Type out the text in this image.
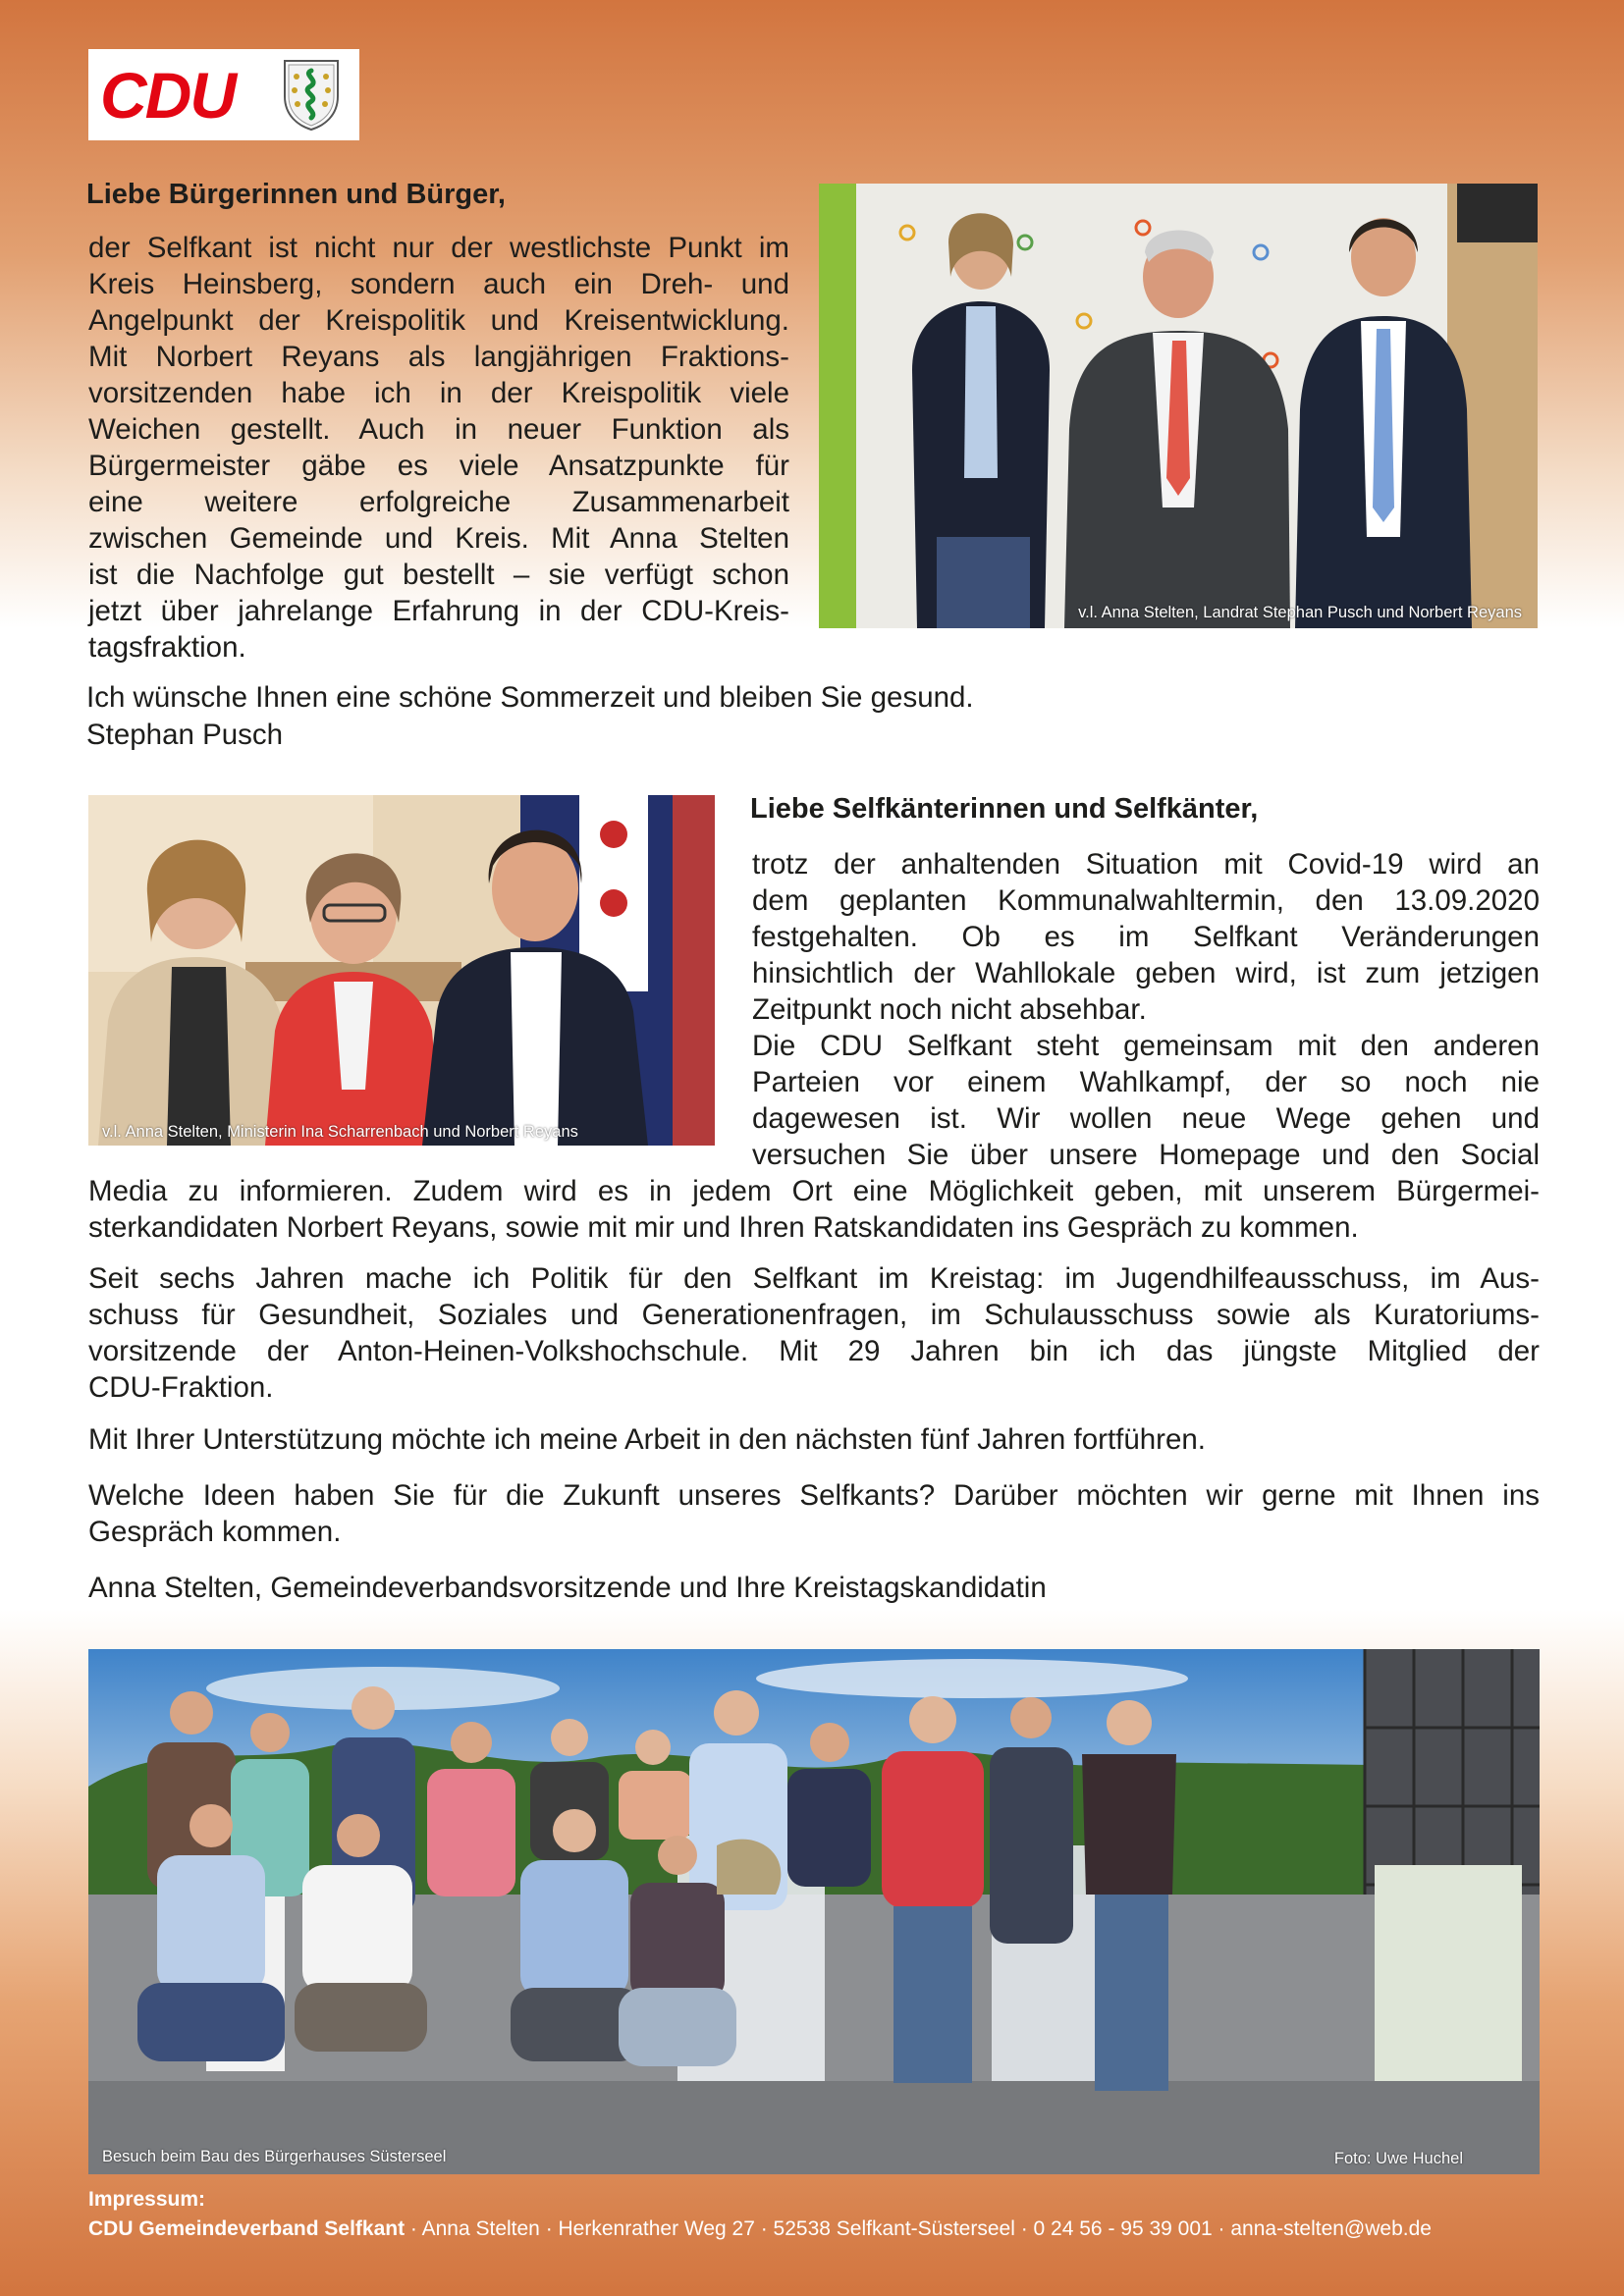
CDU
Liebe Bürgerinnen und Bürger,

der Selfkant ist nicht nur der westlichste Punkt im

Kreis Heinsberg, sondern auch ein Dreh- und

Angelpunkt der Kreispolitik und Kreisentwicklung.

Mit Norbert Reyans als langjährigen Fraktions-

vorsitzenden habe ich in der Kreispolitik viele

Weichen gestellt. Auch in neuer Funktion als

Bürgermeister gäbe es viele Ansatzpunkte für

eine weitere erfolgreiche Zusammenarbeit

zwischen Gemeinde und Kreis. Mit Anna Stelten

ist die Nachfolge gut bestellt – sie verfügt schon

jetzt über jahrelange Erfahrung in der CDU-Kreis-

tagsfraktion.

Ich wünsche Ihnen eine schöne Sommerzeit und bleiben Sie gesund.

Stephan Pusch

v.l. Anna Stelten, Landrat Stephan Pusch und Norbert Reyans
v.l. Anna Stelten, Ministerin Ina Scharrenbach und Norbert Reyans
Liebe Selfkänterinnen und Selfkänter,

trotz der anhaltenden Situation mit Covid-19 wird an

dem geplanten Kommunalwahltermin, den 13.09.2020

festgehalten. Ob es im Selfkant Veränderungen

hinsichtlich der Wahllokale geben wird, ist zum jetzigen

Zeitpunkt noch nicht absehbar.

Die CDU Selfkant steht gemeinsam mit den anderen

Parteien vor einem Wahlkampf, der so noch nie

dagewesen ist. Wir wollen neue Wege gehen und

versuchen Sie über unsere Homepage und den Social

Media zu informieren. Zudem wird es in jedem Ort eine Möglichkeit geben, mit unserem Bürgermei-

sterkandidaten Norbert Reyans, sowie mit mir und Ihren Ratskandidaten ins Gespräch zu kommen.

Seit sechs Jahren mache ich Politik für den Selfkant im Kreistag: im Jugendhilfeausschuss, im Aus-

schuss für Gesundheit, Soziales und Generationenfragen, im Schulausschuss sowie als Kuratoriums-

vorsitzende der Anton-Heinen-Volkshochschule. Mit 29 Jahren bin ich das jüngste Mitglied der

CDU-Fraktion.

Mit Ihrer Unterstützung möchte ich meine Arbeit in den nächsten fünf Jahren fortführen.

Welche Ideen haben Sie für die Zukunft unseres Selfkants? Darüber möchten wir gerne mit Ihnen ins

Gespräch kommen.

Anna Stelten, Gemeindeverbandsvorsitzende und Ihre Kreistagskandidatin

Besuch beim Bau des Bürgerhauses Süsterseel	Foto: Uwe Huchel
Impressum:
CDU Gemeindeverband Selfkant · Anna Stelten · Herkenrather Weg 27 · 52538 Selfkant-Süsterseel · 0 24 56 - 95 39 001 · anna-stelten@web.de
